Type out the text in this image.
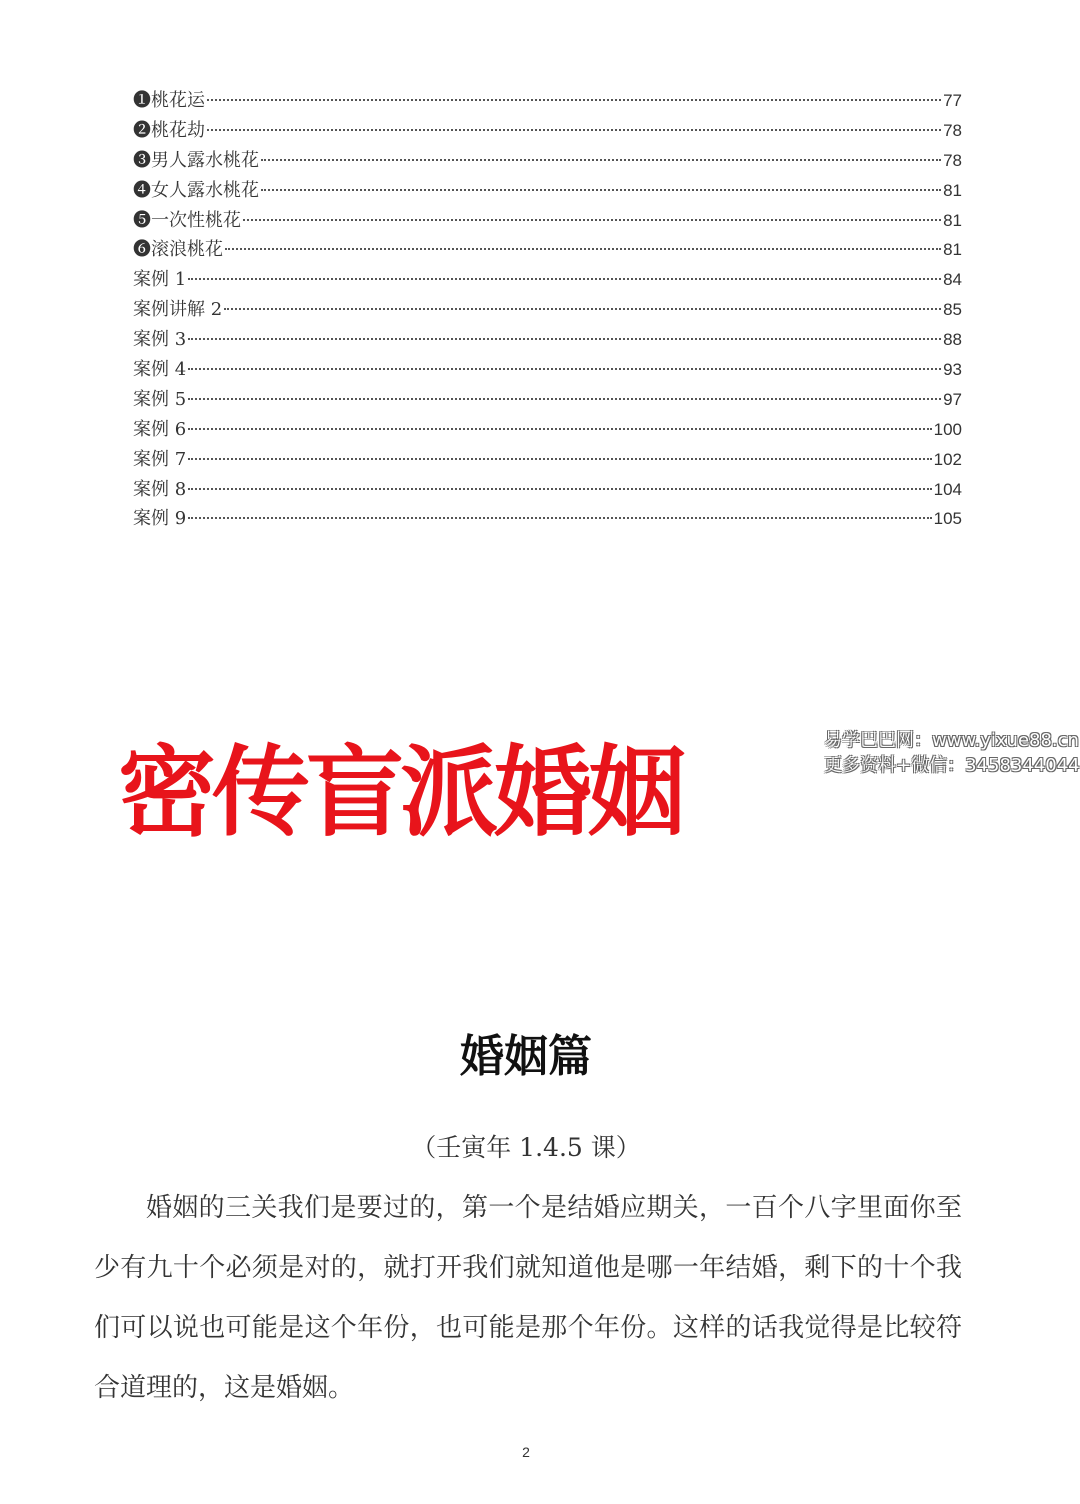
❶桃花运	77
❷桃花劫	78
❸男人露水桃花	78
❹女人露水桃花	81
❺一次性桃花	81
❻滚浪桃花	81
案例 1	84
案例讲解 2	85
案例 3	88
案例 4	93
案例 5	97
案例 6	100
案例 7	102
案例 8	104
案例 9	105
密传盲派婚姻	易学巴巴网：www.yixue88.cn
更多资料+微信：3458344044
婚姻篇
（壬寅年 1.4.5 课）

婚姻的三关我们是要过的，第一个是结婚应期关，一百个八字里面你至少有九十个必须是对的，就打开我们就知道他是哪一年结婚，剩下的十个我们可以说也可能是这个年份，也可能是那个年份。这样的话我觉得是比较符合道理的，这是婚姻。

2
